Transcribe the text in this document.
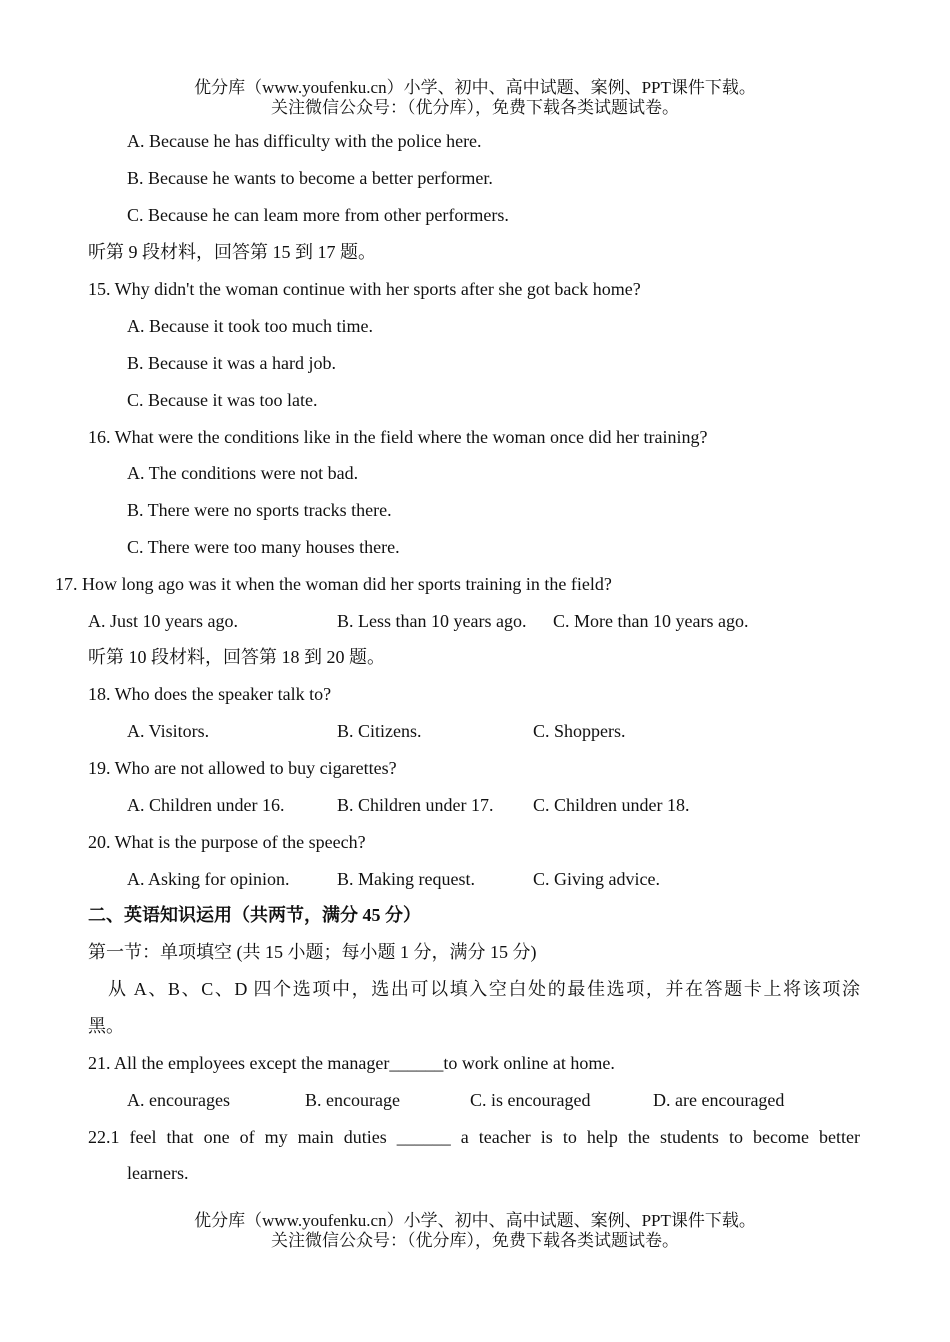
优分库（www.youfenku.cn）小学、初中、高中试题、案例、PPT课件下载。
关注微信公众号：（优分库），免费下载各类试题试卷。
A. Because he has difficulty with the police here.
B. Because he wants to become a better performer.
C. Because he can leam more from other performers.
听第 9 段材料，回答第 15 到 17 题。
15. Why didn't the woman continue with her sports after she got back home?
A. Because it took too much time.
B. Because it was a hard job.
C. Because it was too late.
16. What were the conditions like in the field where the woman once did her training?
A. The conditions were not bad.
B. There were no sports tracks there.
C. There were too many houses there.
17. How long ago was it when the woman did her sports training in the field?
A. Just 10 years ago.	B. Less than 10 years ago. C. More than 10 years ago.
听第 10 段材料，回答第 18 到 20 题。
18. Who does the speaker talk to?
A. Visitors.	B. Citizens.	C. Shoppers.
19. Who are not allowed to buy cigarettes?
A. Children under 16.	B. Children under 17. C. Children under 18.
20. What is the purpose of the speech?
A. Asking for opinion.	B. Making request.	C. Giving advice.
二、英语知识运用（共两节，满分 45 分）
第一节：单项填空 (共 15 小题；每小题 1 分，满分 15 分)
从 A、B、C、D 四个选项中，选出可以填入空白处的最佳选项，并在答题卡上将该项涂
黑。
21. All the employees except the manager______to work online at home.
A. encourages	B. encourage	C. is encouraged	D. are encouraged
22.1 feel that one of my main duties ______ a teacher is to help the students to become better
learners.
优分库（www.youfenku.cn）小学、初中、高中试题、案例、PPT课件下载。
关注微信公众号：（优分库），免费下载各类试题试卷。
